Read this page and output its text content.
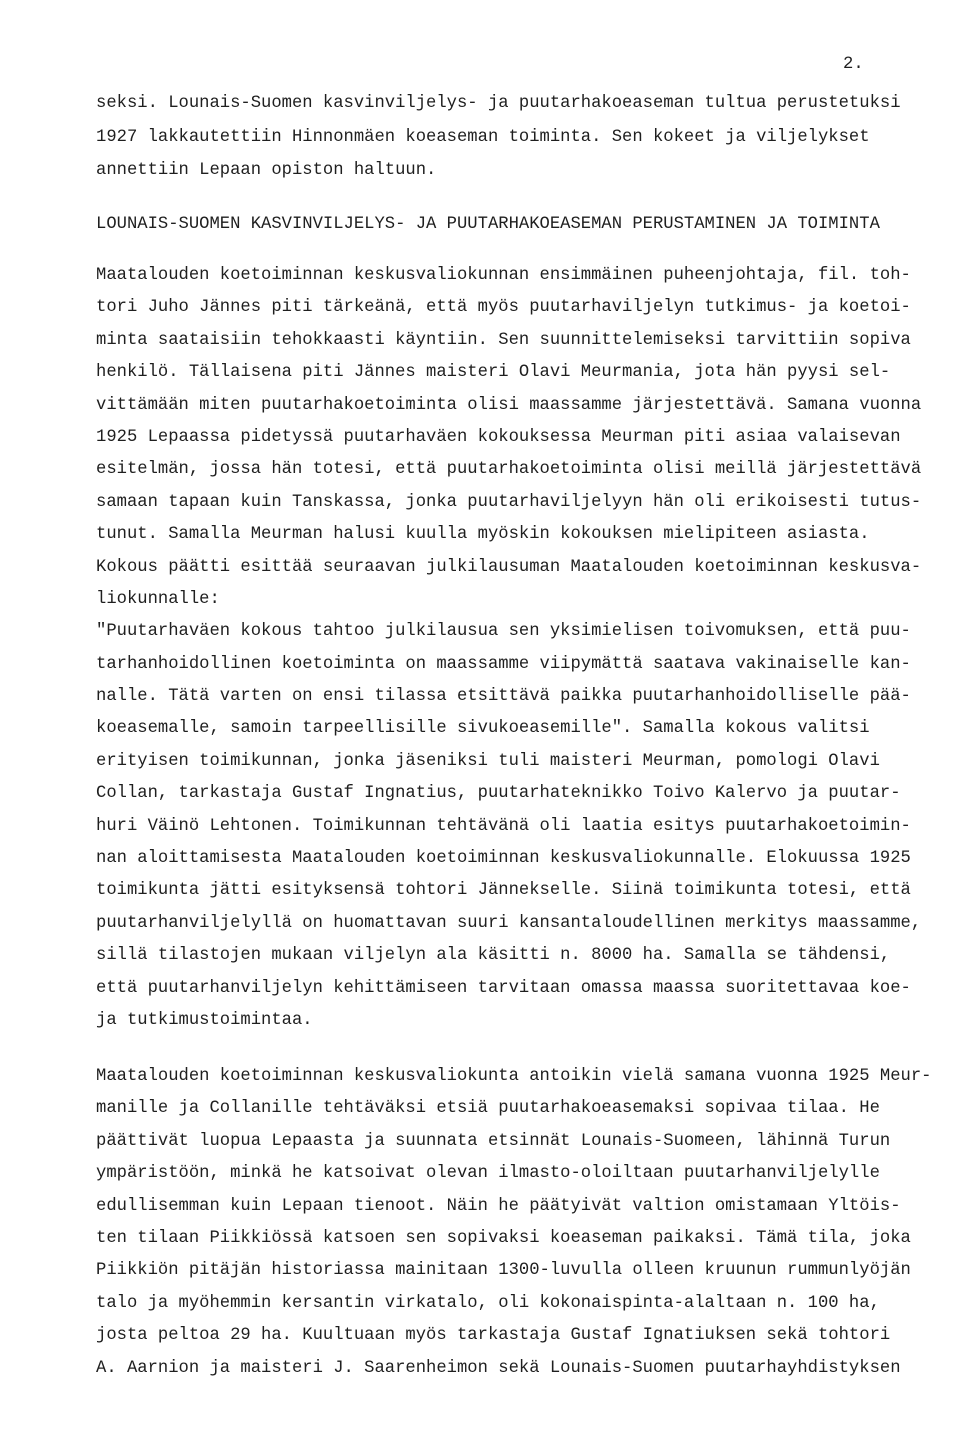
2.
seksi. Lounais-Suomen kasvinviljelys- ja puutarhakoeaseman tultua perustetuksi
1927 lakkautettiin Hinnonmäen koeaseman toiminta. Sen kokeet ja viljelykset
annettiin Lepaan opiston haltuun.
LOUNAIS-SUOMEN KASVINVILJELYS- JA PUUTARHAKOEASEMAN PERUSTAMINEN JA TOIMINTA
Maatalouden koetoiminnan keskusvaliokunnan ensimmäinen puheenjohtaja, fil. toh-
tori Juho Jännes piti tärkeänä, että myös puutarhaviljelyn tutkimus- ja koetoi-
minta saataisiin tehokkaasti käyntiin. Sen suunnittelemiseksi tarvittiin sopiva
henkilö. Tällaisena piti Jännes maisteri Olavi Meurmania, jota hän pyysi sel-
vittämään miten puutarhakoetoiminta olisi maassamme järjestettävä. Samana vuonna
1925 Lepaassa pidetyssä puutarhaväen kokouksessa Meurman piti asiaa valaisevan
esitelmän, jossa hän totesi, että puutarhakoetoiminta olisi meillä järjestettävä
samaan tapaan kuin Tanskassa, jonka puutarhaviljelyyn hän oli erikoisesti tutus-
tunut. Samalla Meurman halusi kuulla myöskin kokouksen mielipiteen asiasta.
Kokous päätti esittää seuraavan julkilausuman Maatalouden koetoiminnan keskusva-
liokunnalle:
"Puutarhaväen kokous tahtoo julkilausua sen yksimielisen toivomuksen, että puu-
tarhanhoidollinen koetoiminta on maassamme viipymättä saatava vakinaiselle kan-
nalle. Tätä varten on ensi tilassa etsittävä paikka puutarhanhoidolliselle pää-
koeasemalle, samoin tarpeellisille sivukoeasemille". Samalla kokous valitsi
erityisen toimikunnan, jonka jäseniksi tuli maisteri Meurman, pomologi Olavi
Collan, tarkastaja Gustaf Ingnatius, puutarhateknikko Toivo Kalervo ja puutar-
huri Väinö Lehtonen. Toimikunnan tehtävänä oli laatia esitys puutarhakoetoimin-
nan aloittamisesta Maatalouden koetoiminnan keskusvaliokunnalle. Elokuussa 1925
toimikunta jätti esityksensä tohtori Jännekselle. Siinä toimikunta totesi, että
puutarhanviljelyllä on huomattavan suuri kansantaloudellinen merkitys maassamme,
sillä tilastojen mukaan viljelyn ala käsitti n. 8000 ha. Samalla se tähdensi,
että puutarhanviljelyn kehittämiseen tarvitaan omassa maassa suoritettavaa koe-
ja tutkimustoimintaa.
Maatalouden koetoiminnan keskusvaliokunta antoikin vielä samana vuonna 1925 Meur-
manille ja Collanille tehtäväksi etsiä puutarhakoeasemaksi sopivaa tilaa. He
päättivät luopua Lepaasta ja suunnata etsinnät Lounais-Suomeen, lähinnä Turun
ympäristöön, minkä he katsoivat olevan ilmasto-oloiltaan puutarhanviljelylle
edullisemman kuin Lepaan tienoot. Näin he päätyivät valtion omistamaan Yltöis-
ten tilaan Piikkiössä katsoen sen sopivaksi koeaseman paikaksi. Tämä tila, joka
Piikkiön pitäjän historiassa mainitaan 1300-luvulla olleen kruunun rummunlyöjän
talo ja myöhemmin kersantin virkatalo, oli kokonaispinta-alaltaan n. 100 ha,
josta peltoa 29 ha. Kuultuaan myös tarkastaja Gustaf Ignatiuksen sekä tohtori
A. Aarnion ja maisteri J. Saarenheimon sekä Lounais-Suomen puutarhayhdistyksen
